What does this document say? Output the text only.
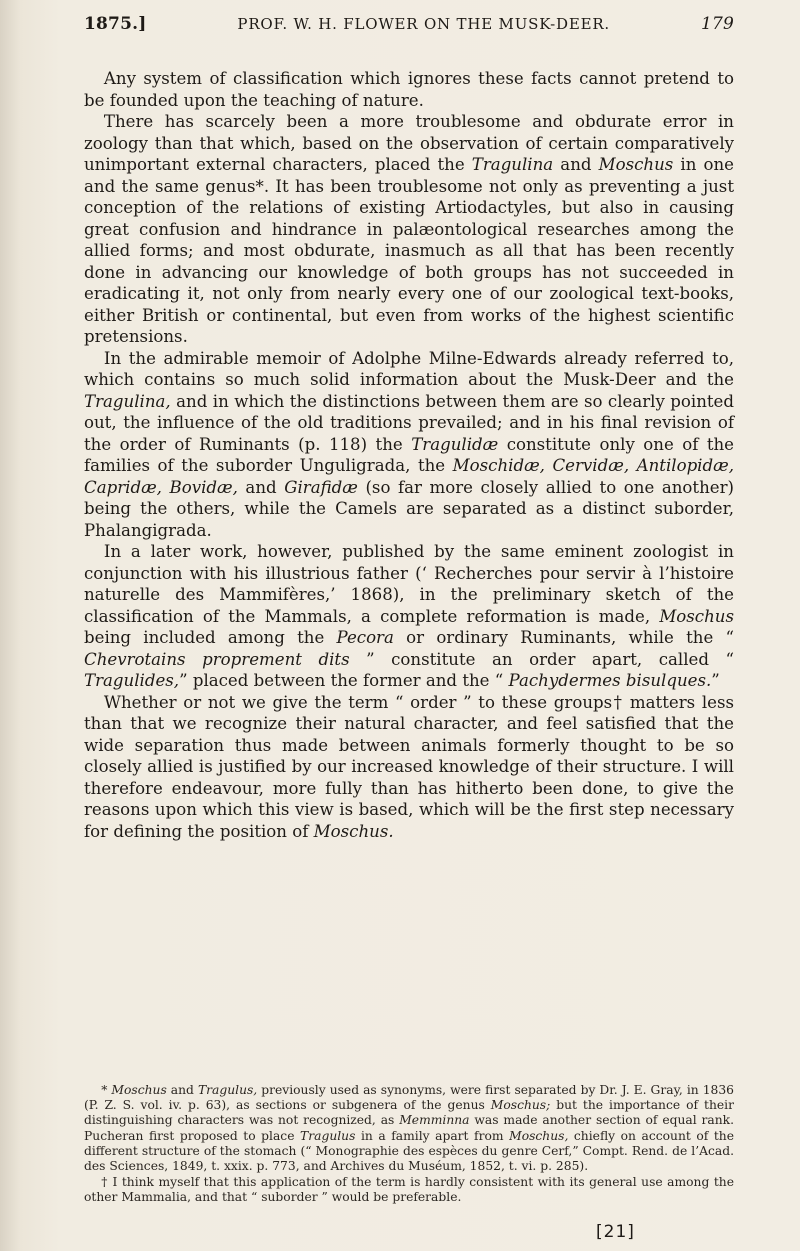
1875.]	PROF. W. H. FLOWER ON THE MUSK-DEER.	179

Any system of classification which ignores these facts cannot pretend to be founded upon the teaching of nature.

There has scarcely been a more troublesome and obdurate error in zoology than that which, based on the observation of certain comparatively unimportant external characters, placed the Tragulina and Moschus in one and the same genus*. It has been troublesome not only as preventing a just conception of the relations of existing Artiodactyles, but also in causing great confusion and hindrance in palæontological researches among the allied forms; and most obdurate, inasmuch as all that has been recently done in advancing our knowledge of both groups has not succeeded in eradicating it, not only from nearly every one of our zoological text-books, either British or continental, but even from works of the highest scientific pretensions.

In the admirable memoir of Adolphe Milne-Edwards already referred to, which contains so much solid information about the Musk-Deer and the Tragulina, and in which the distinctions between them are so clearly pointed out, the influence of the old traditions prevailed; and in his final revision of the order of Ruminants (p. 118) the Tragulidæ constitute only one of the families of the suborder Unguligrada, the Moschidæ, Cervidæ, Antilopidæ, Capridæ, Bovidæ, and Girafidæ (so far more closely allied to one another) being the others, while the Camels are separated as a distinct suborder, Phalangigrada.

In a later work, however, published by the same eminent zoologist in conjunction with his illustrious father (‘ Recherches pour servir à l’histoire naturelle des Mammifères,’ 1868), in the preliminary sketch of the classification of the Mammals, a complete reformation is made, Moschus being included among the Pecora or ordinary Ruminants, while the “ Chevrotains proprement dits ” constitute an order apart, called “ Tragulides,” placed between the former and the “ Pachydermes bisulques.”

Whether or not we give the term “ order ” to these groups† matters less than that we recognize their natural character, and feel satisfied that the wide separation thus made between animals formerly thought to be so closely allied is justified by our increased knowledge of their structure. I will therefore endeavour, more fully than has hitherto been done, to give the reasons upon which this view is based, which will be the first step necessary for defining the position of Moschus.

* Moschus and Tragulus, previously used as synonyms, were first separated by Dr. J. E. Gray, in 1836 (P. Z. S. vol. iv. p. 63), as sections or subgenera of the genus Moschus; but the importance of their distinguishing characters was not recognized, as Memminna was made another section of equal rank. Pucheran first proposed to place Tragulus in a family apart from Moschus, chiefly on account of the different structure of the stomach (“ Monographie des espèces du genre Cerf,” Compt. Rend. de l’Acad. des Sciences, 1849, t. xxix. p. 773, and Archives du Muséum, 1852, t. vi. p. 285).

† I think myself that this application of the term is hardly consistent with its general use among the other Mammalia, and that “ suborder ” would be preferable.

[21]
